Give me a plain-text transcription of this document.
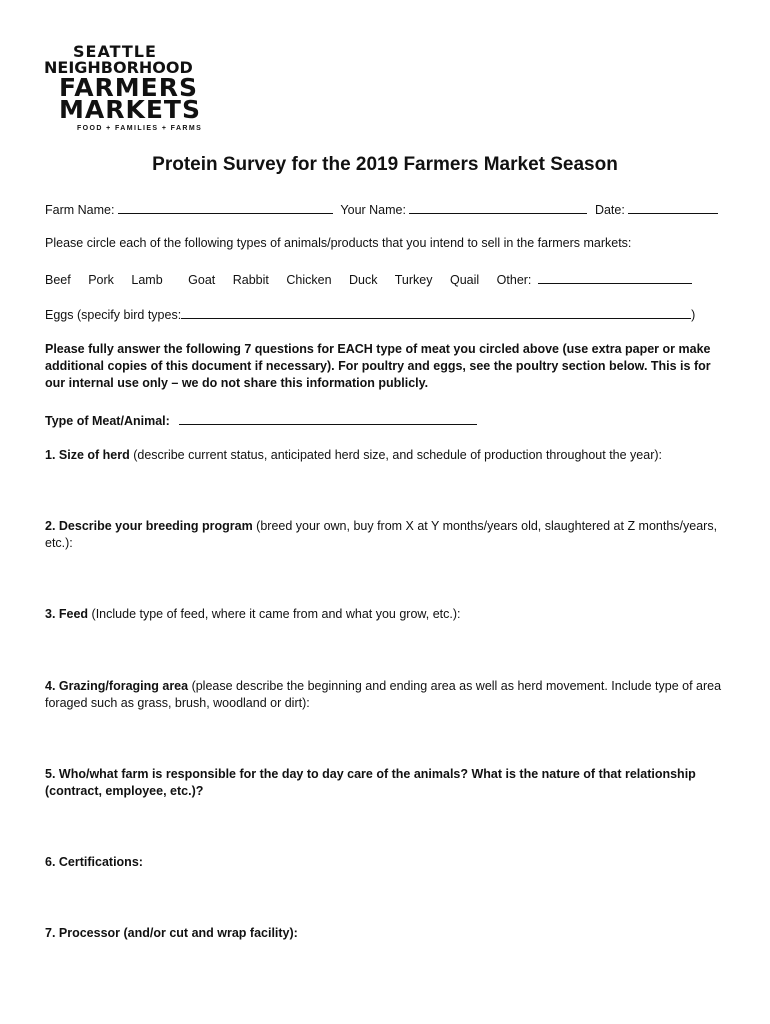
SEATTLE
NEIGHBORHOOD
FARMERS
MARKETS
FOOD + FAMILIES + FARMS
Protein Survey for the 2019 Farmers Market Season
Farm Name:	Your Name:	Date:
Please circle each of the following types of animals/products that you intend to sell in the farmers markets:
Beef Pork Lamb Goat Rabbit Chicken Duck Turkey Quail Other:
Eggs (specify bird types:	)
Please fully answer the following 7 questions for EACH type of meat you circled above (use extra paper or make additional copies of this document if necessary). For poultry and eggs, see the poultry section below. This is for our internal use only – we do not share this information publicly.
Type of Meat/Animal:
1. Size of herd (describe current status, anticipated herd size, and schedule of production throughout the year):
2. Describe your breeding program (breed your own, buy from X at Y months/years old, slaughtered at Z months/years, etc.):
3. Feed (Include type of feed, where it came from and what you grow, etc.):
4. Grazing/foraging area (please describe the beginning and ending area as well as herd movement. Include type of area foraged such as grass, brush, woodland or dirt):
5. Who/what farm is responsible for the day to day care of the animals? What is the nature of that relationship (contract, employee, etc.)?
6. Certifications:
7. Processor (and/or cut and wrap facility):
